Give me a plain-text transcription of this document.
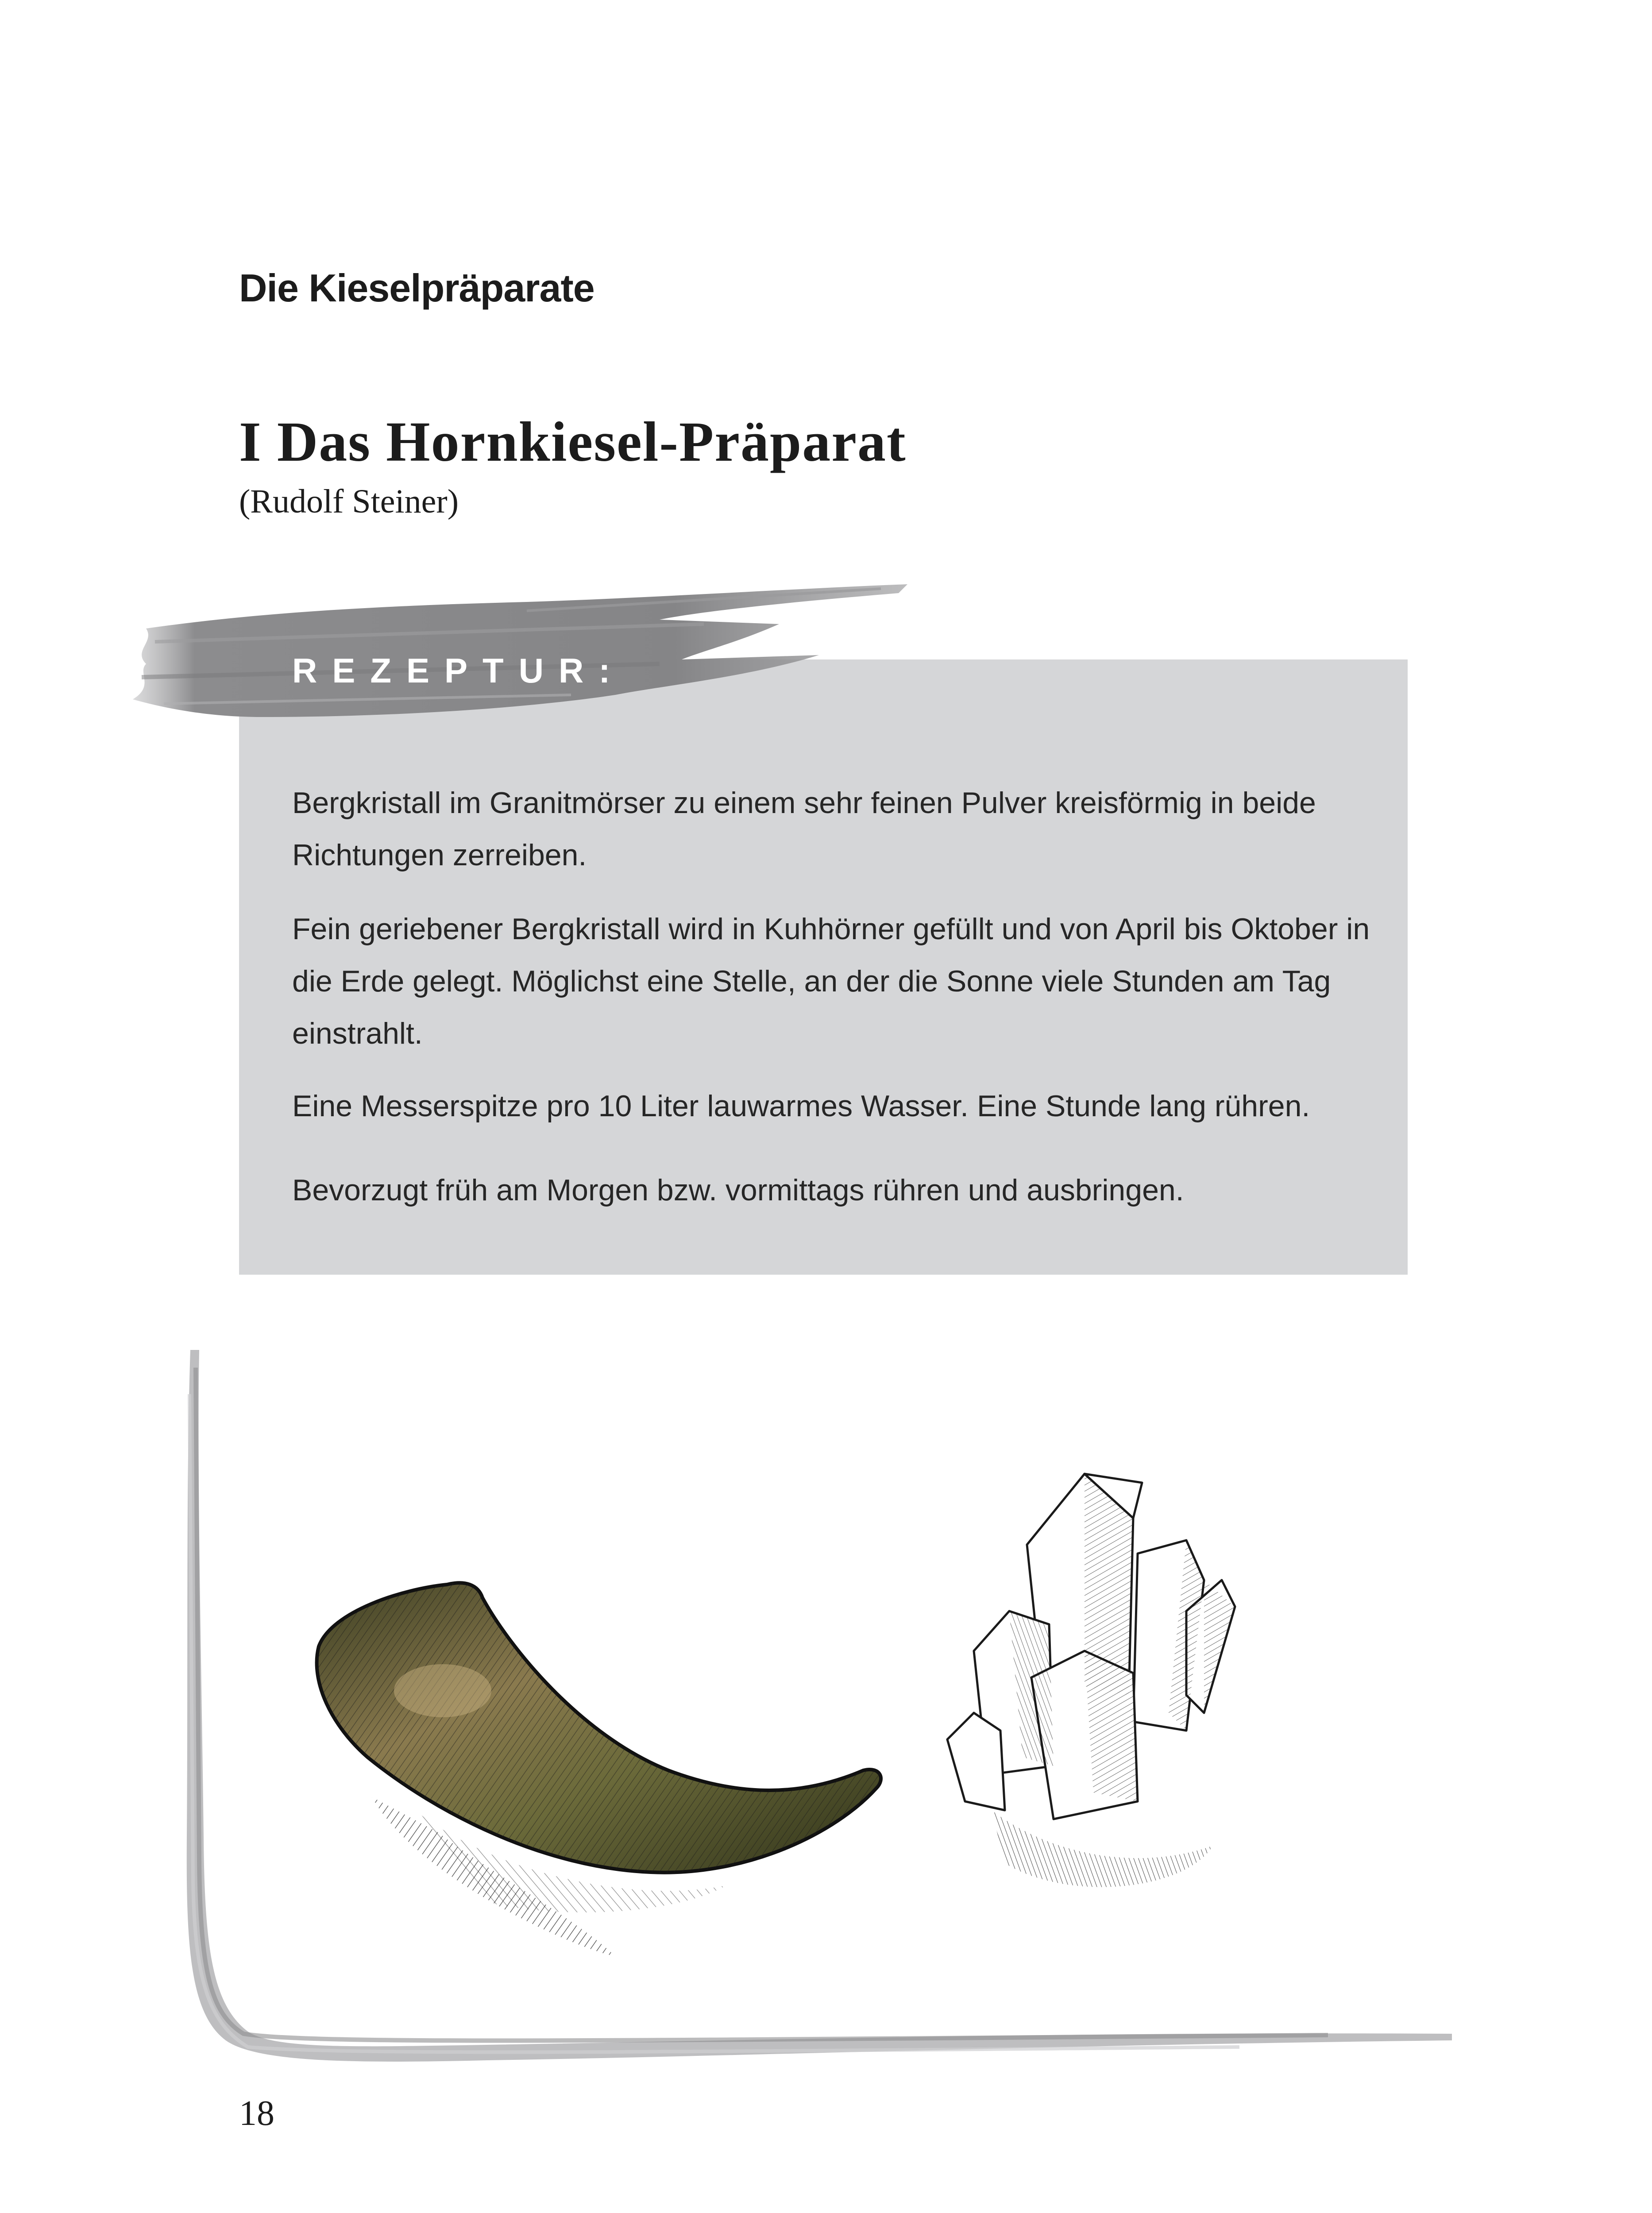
Die Kieselpräparate
I Das Hornkiesel-Präparat
(Rudolf Steiner)
REZEPTUR:

Bergkristall im Granitmörser zu einem sehr feinen Pulver kreisförmig in beide Richtungen zerreiben.

Fein geriebener Bergkristall wird in Kuhhörner gefüllt und von April bis Oktober in die Erde gelegt. Möglichst eine Stelle, an der die Sonne viele Stunden am Tag einstrahlt.

Eine Messerspitze pro 10 Liter lauwarmes Wasser. Eine Stunde lang rühren.

Bevorzugt früh am Morgen bzw. vormittags rühren und ausbringen.

18
